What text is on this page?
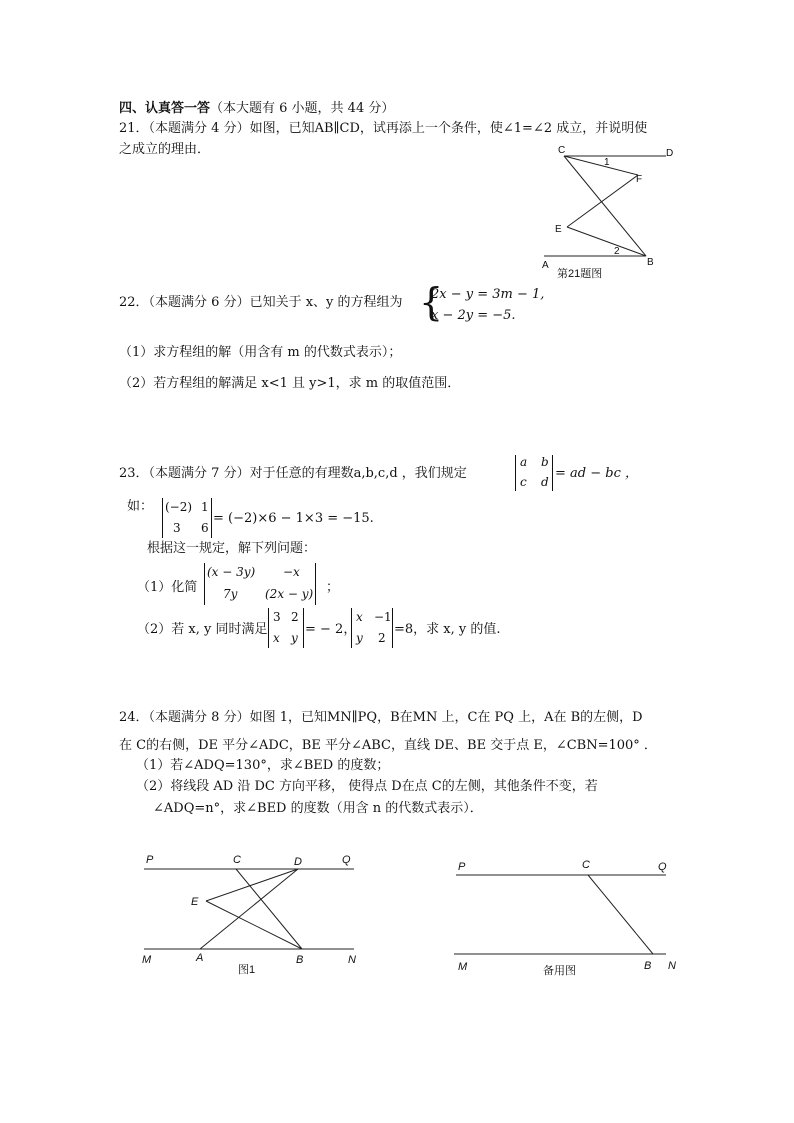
四、认真答一答（本大题有 6 小题，共 44 分）
21．（本题满分 4 分）如图，已知AB∥CD，试再添上一个条件，使∠1=∠2 成立，并说明使
之成立的理由．	C	D
1
F
E
2
A	B
第21题图
22．（本题满分 6 分）已知关于 x、y 的方程组为 {
2x − y = 3m − 1,
x − 2y = −5.
（1）求方程组的解（用含有 m 的代数式表示）；
（2）若方程组的解满足 x<1 且 y>1，求 m 的取值范围．
23．（本题满分 7 分）对于任意的有理数a,b,c,d ，我们规定
a b
c d
= ad − bc ，
如： (−2) 1
3 6
= (−2)×6 − 1×3 = −15.
根据这一规定，解下列问题：
（1）化简
(x − 3y) −x
7y (2x − y) ；
（2）若 x, y 同时满足
3 2
x y
= − 2，
x −1
y 2
=8，求 x, y 的值.
24．（本题满分 8 分）如图 1，已知MN∥PQ，B在MN 上，C在 PQ 上，A在 B的左侧，D
在 C的右侧，DE 平分∠ADC，BE 平分∠ABC，直线 DE、BE 交于点 E，∠CBN=100° ．
（1）若∠ADQ=130°，求∠BED 的度数；
（2）将线段 AD 沿 DC 方向平移， 使得点 D在点 C的左侧，其他条件不变，若
∠ADQ=n°，求∠BED 的度数（用含 n 的代数式表示）．
P	C	D	Q
E
M	A	B	N
图1
P	C	Q
M	B N
备用图
